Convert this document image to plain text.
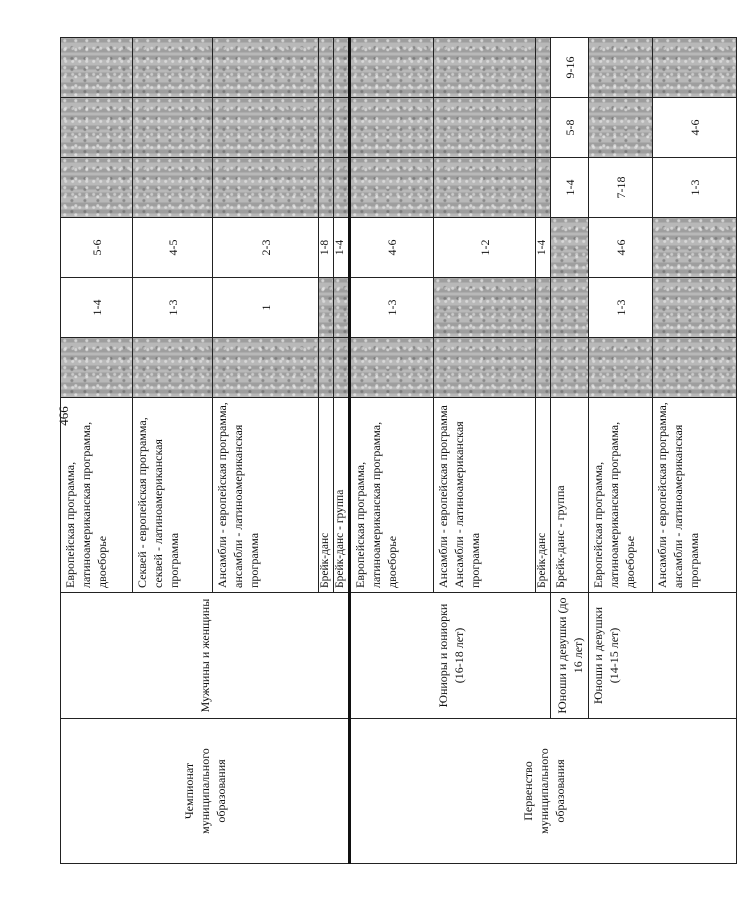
466
Чемпионат муниципального образования	Мужчины и женщины	Европейская программа, латиноамериканская программа, двоеборье		1-4	5-6			
		Секвей - европейская программа, секвей - латиноамериканская программа		1-3	4-5			
		Ансамбли - европейская программа, ансамбли - латиноамериканская программа		1	2-3			
		Брейк-данс			1-8			
		Брейк-данс - группа			1-4			
Первенство муниципального образования	Юниоры и юниорки (16-18 лет)	Европейская программа, латиноамериканская программа, двоеборье		1-3	4-6			
		Ансамбли - европейская программа Ансамбли - латиноамериканская программа			1-2			
		Брейк-данс			1-4			
	Юноши и девушки (до 16 лет)	Брейк-данс - группа				1-4	5-8	9-16
	Юноши и девушки (14-15 лет)	Европейская программа, латиноамериканская программа, двоеборье		1-3	4-6	7-18		
		Ансамбли - европейская программа, ансамбли - латиноамериканская программа				1-3	4-6	
